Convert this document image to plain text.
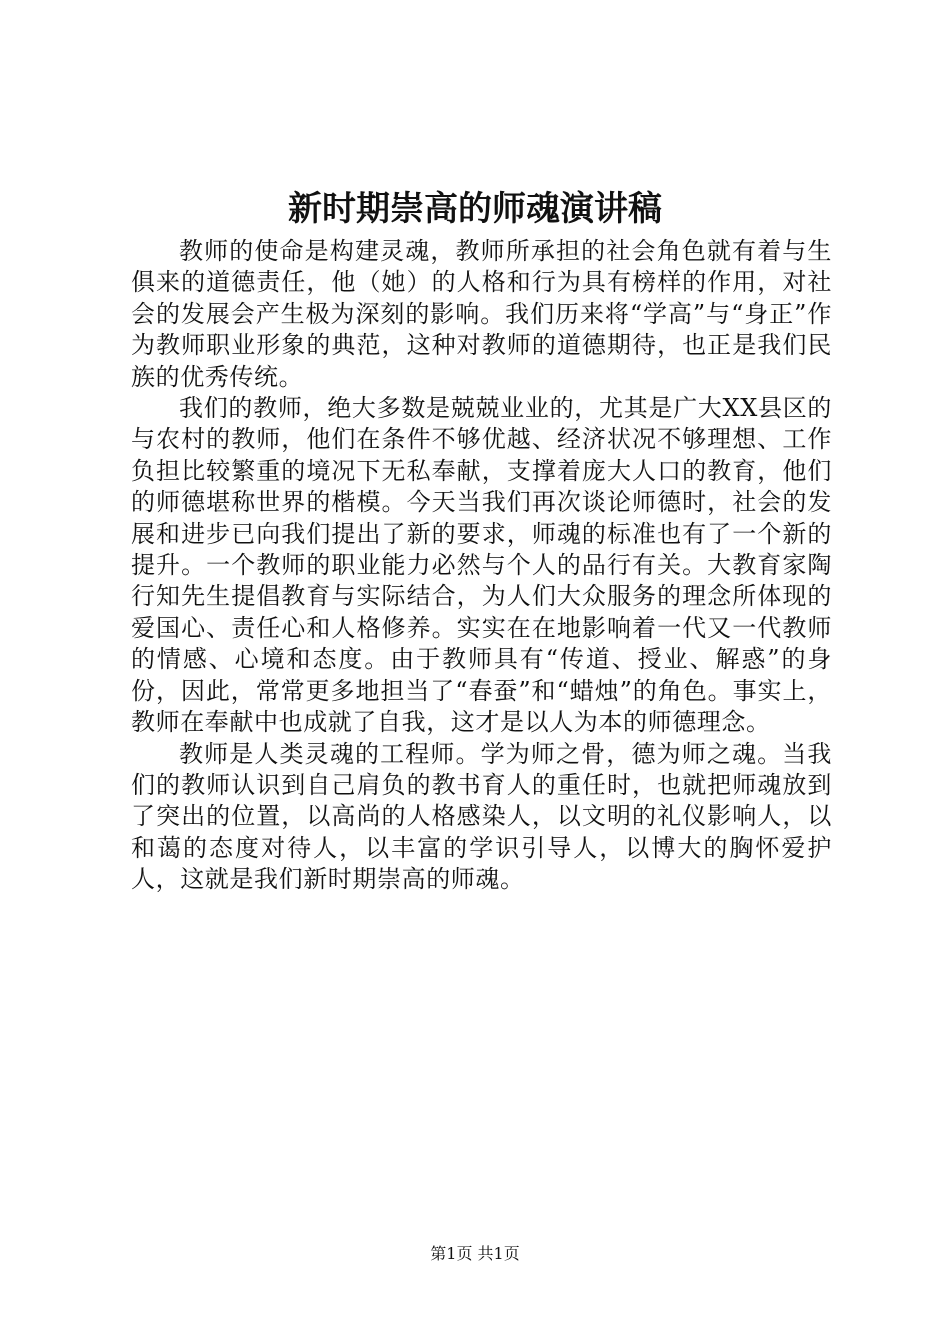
新时期崇高的师魂演讲稿

教师的使命是构建灵魂，教师所承担的社会角色就有着与生俱来的道德责任，他（她）的人格和行为具有榜样的作用，对社会的发展会产生极为深刻的影响。我们历来将“学高”与“身正”作为教师职业形象的典范，这种对教师的道德期待，也正是我们民族的优秀传统。

我们的教师，绝大多数是兢兢业业的，尤其是广大XX县区的与农村的教师，他们在条件不够优越、经济状况不够理想、工作负担比较繁重的境况下无私奉献，支撑着庞大人口的教育，他们的师德堪称世界的楷模。今天当我们再次谈论师德时，社会的发展和进步已向我们提出了新的要求，师魂的标准也有了一个新的提升。一个教师的职业能力必然与个人的品行有关。大教育家陶行知先生提倡教育与实际结合，为人们大众服务的理念所体现的爱国心、责任心和人格修养。实实在在地影响着一代又一代教师的情感、心境和态度。由于教师具有“传道、授业、解惑”的身份，因此，常常更多地担当了“春蚕”和“蜡烛”的角色。事实上，教师在奉献中也成就了自我，这才是以人为本的师德理念。

教师是人类灵魂的工程师。学为师之骨，德为师之魂。当我们的教师认识到自己肩负的教书育人的重任时，也就把师魂放到了突出的位置，以高尚的人格感染人，以文明的礼仪影响人，以和蔼的态度对待人，以丰富的学识引导人，以博大的胸怀爱护人，这就是我们新时期崇高的师魂。

第1页 共1页
